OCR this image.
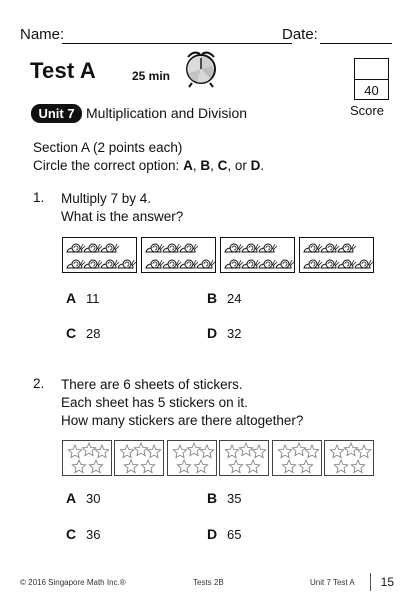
Name:	Date:
Test A	25 min
40
Score
Unit 7 Multiplication and Division
Section A (2 points each)
Circle the correct option: A, B, C, or D.
1. Multiply 7 by 4.
What is the answer?
A 11	B 24
C 28	D 32
2. There are 6 sheets of stickers.
Each sheet has 5 stickers on it.
How many stickers are there altogether?
A 30	B 35
C 36	D 65
© 2016 Singapore Math Inc.®	Tests 2B	Unit 7 Test A	15
